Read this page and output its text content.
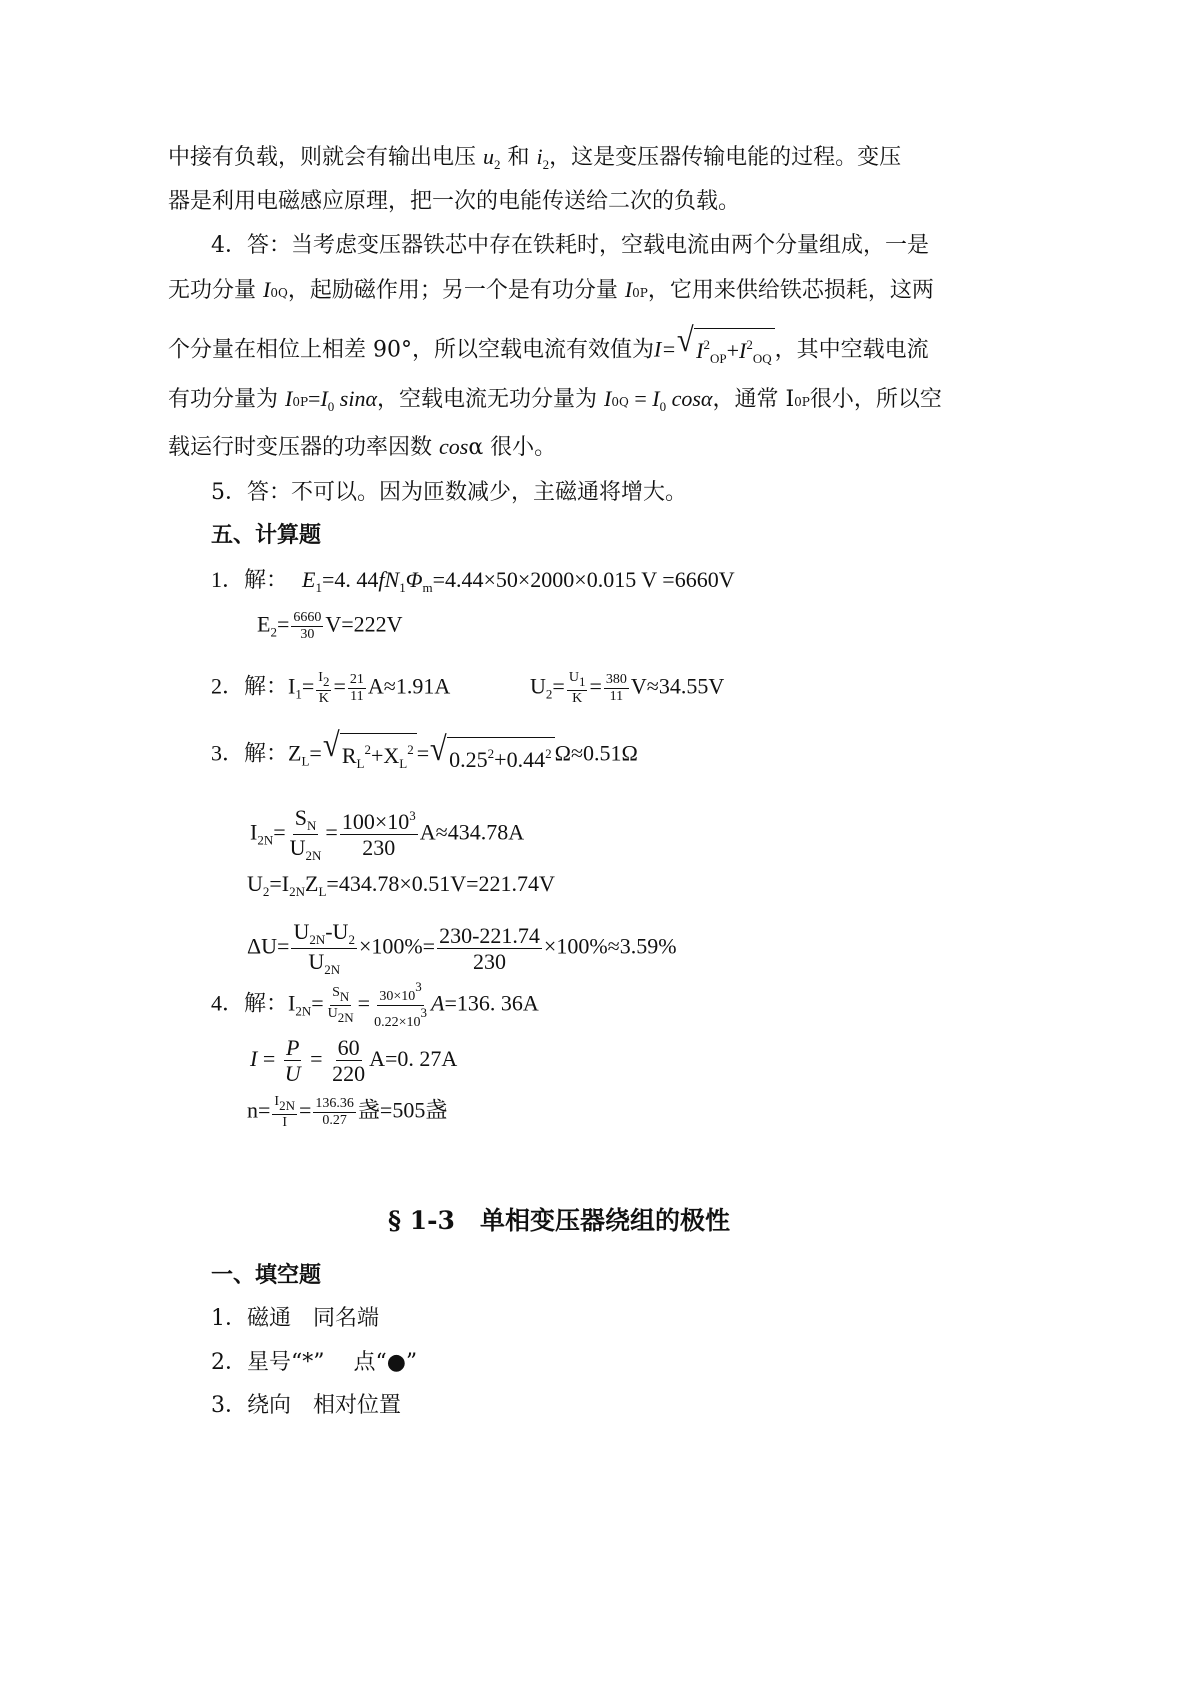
中接有负载，则就会有输出电压 $u_2$ 和 $i_2$，这是变压器传输电能的过程。变压
器是利用电磁感应原理，把一次的电能传送给二次的负载。
4．答：当考虑变压器铁芯中存在铁耗时，空载电流由两个分量组成，一是
无功分量 I0Q，起励磁作用；另一个是有功分量 I0P，它用来供给铁芯损耗，这两
个分量在相位上相差 90°，所以空载电流有效值为I= √ $I^2_{OP}+I^2_{OQ}$ ，其中空载电流
有功分量为 $I0P=I_0$ sinα，空载电流无功分量为 $I0Q = I_0$ cosα，通常 I0P很小，所以空
载运行时变压器的功率因数 cosα 很小。
5．答：不可以。因为匝数减少，主磁通将增大。
五、计算题
1．解： $E_1=4$. $44fN_1\Phi_m=4.44\times 50\times 2000\times 0.015$ V =6660V
$E_2= \frac{6660}{30} V=222V$
2．解：$I_1= \frac{I2}{K} = \frac{21}{11} A\approx 1.91A$	$U_2= \frac{U1}{K} = \frac{380}{11} V\approx 34.55V$
3．解：$Z_L=$ √ $R_L^2+X_L^2$ = √ $0.25^2+0.44^2$ Ω≈0.51Ω
$I_{2N}= \frac{S_N}{U_{2N}} = \frac{100\times 10^3}{230} A\approx 434.78A$
$U_2=I_{2N}Z_L=434.78\times 0.51V=221.74V$
$\Delta U= \frac{U_{2N}-U_2}{U_{2N}} \times 100\%= \frac{230-221.74}{230} \times 100\%\approx 3.59\%$
4．解：$I_{2N}= \frac{SN}{U2N} = \frac{30\times 103}{0.22\times 103} A=136$. 36A
$I = \frac{P}{U} = \frac{60}{220} A=0$. 27A
$n= \frac{I2N}{I} = \frac{136.36}{0.27}$ 盏=505盏
§ 1-3　单相变压器绕组的极性
一、填空题
1．磁通　同名端
2．星号“*”　 点“●”
3．绕向　相对位置
